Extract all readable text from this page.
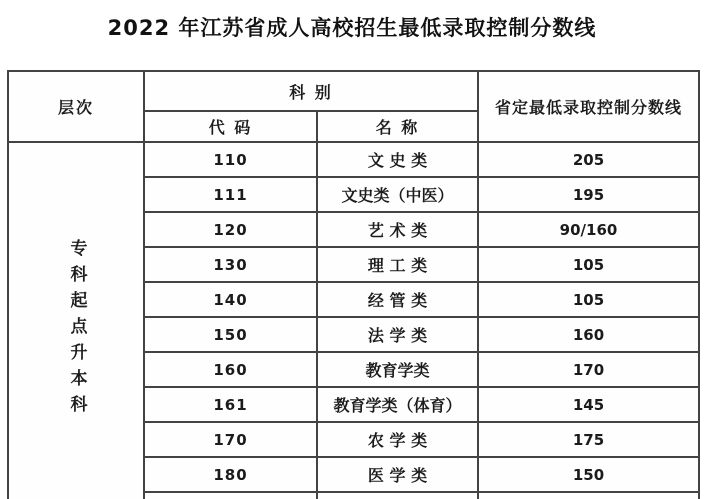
2022 年江苏省成人高校招生最低录取控制分数线
层次	科 别		省定最低录取控制分数线
	代 码	名 称	
专科起点升本科	110	文 史 类	205
	111	文史类（中医）	195
	120	艺 术 类	90/160
	130	理 工 类	105
	140	经 管 类	105
	150	法 学 类	160
	160	教育学类	170
	161	教育学类（体育）	145
	170	农 学 类	175
	180	医 学 类	150
